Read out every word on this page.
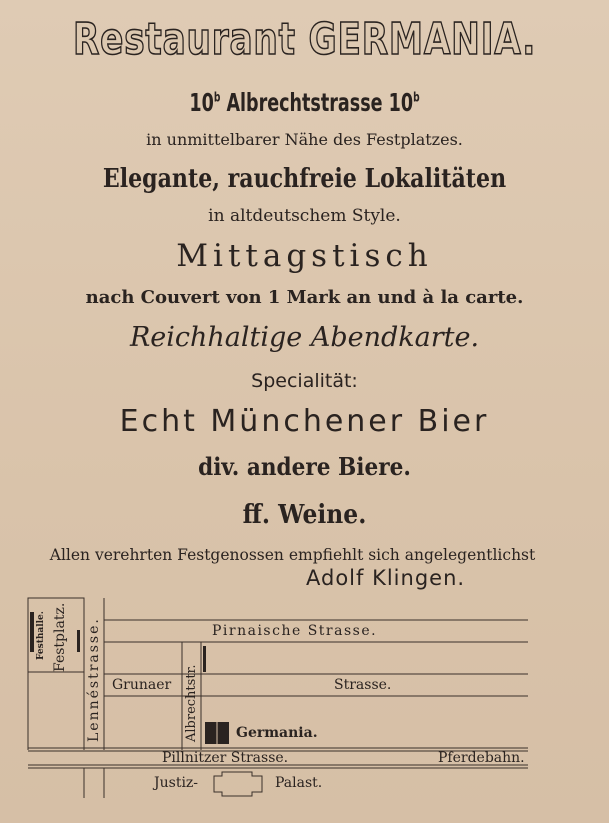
Restaurant GERMANIA.
10$^b$ Albrechtstrasse 10$^b$
in unmittelbarer Nähe des Festplatzes.
Elegante, rauchfreie Lokalitäten
in altdeutschem Style.
Mittagstisch
nach Couvert von 1 Mark an und à la carte.
Reichhaltige Abendkarte.
Specialität:
Echt Münchener Bier
div. andere Biere.
ff. Weine.
Allen verehrten Festgenossen empfiehlt sich angelegentlichst
Adolf Klingen.
Festhalle. Festplatz. Lennéstrasse.	Pirnaische Strasse.
Grunaer	Strasse.
Albrechtstr.	Germania.
Pillnitzer Strasse.	Pferdebahn.
Justiz-	Palast.
